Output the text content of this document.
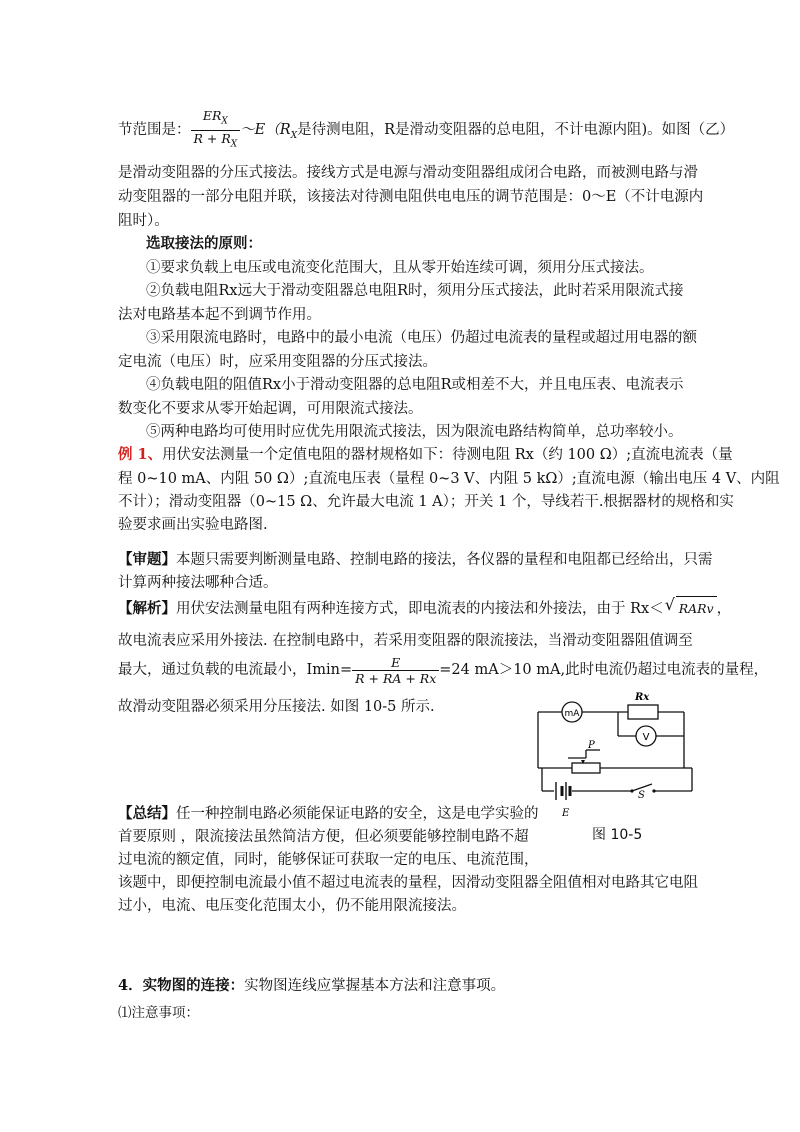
节范围是： $\frac{ER_X}{R + R_X}$ $\sim E(R_X$是待测电阻，R是滑动变阻器的总电阻，不计电源内阻)。如图（乙）
是滑动变阻器的分压式接法。接线方式是电源与滑动变阻器组成闭合电路，而被测电路与滑
动变阻器的一部分电阻并联，该接法对待测电阻供电电压的调节范围是：0～E（不计电源内
阻时）。
选取接法的原则：
①要求负载上电压或电流变化范围大，且从零开始连续可调，须用分压式接法。
②负载电阻Rx远大于滑动变阻器总电阻R时，须用分压式接法，此时若采用限流式接
法对电路基本起不到调节作用。
③采用限流电路时，电路中的最小电流（电压）仍超过电流表的量程或超过用电器的额
定电流（电压）时，应采用变阻器的分压式接法。
④负载电阻的阻值Rx小于滑动变阻器的总电阻R或相差不大，并且电压表、电流表示
数变化不要求从零开始起调，可用限流式接法。
⑤两种电路均可使用时应优先用限流式接法，因为限流电路结构简单，总功率较小。
例 1、用伏安法测量一个定值电阻的器材规格如下：待测电阻 Rx（约 100 Ω）;直流电流表（量
程 0~10 mA、内阻 50 Ω）;直流电压表（量程 0~3 V、内阻 5 kΩ）;直流电源（输出电压 4 V、内阻
不计）；滑动变阻器（0~15 Ω、允许最大电流 1 A）；开关 1 个，导线若干.根据器材的规格和实
验要求画出实验电路图.
【审题】本题只需要判断测量电路、控制电路的接法，各仪器的量程和电阻都已经给出，只需
计算两种接法哪种合适。
【解析】用伏安法测量电阻有两种连接方式，即电流表的内接法和外接法，由于 Rx＜√ RARv ，
故电流表应采用外接法. 在控制电路中，若采用变阻器的限流接法，当滑动变阻器阻值调至
最大，通过负载的电流最小，$Imin= \frac{E}{R + RA + Rx} =24$ mA＞10 mA,此时电流仍超过电流表的量程，
故滑动变阻器必须采用分压接法. 如图 10-5 所示.	mA
V
Rx
P
E
S
图 10-5
【总结】任一种控制电路必须能保证电路的安全，这是电学实验的
首要原则 ，限流接法虽然简洁方便，但必须要能够控制电路不超
过电流的额定值，同时，能够保证可获取一定的电压、电流范围，
该题中，即便控制电流最小值不超过电流表的量程，因滑动变阻器全阻值相对电路其它电阻
过小，电流、电压变化范围太小，仍不能用限流接法。
4．实物图的连接：实物图连线应掌握基本方法和注意事项。
⑴注意事项：
